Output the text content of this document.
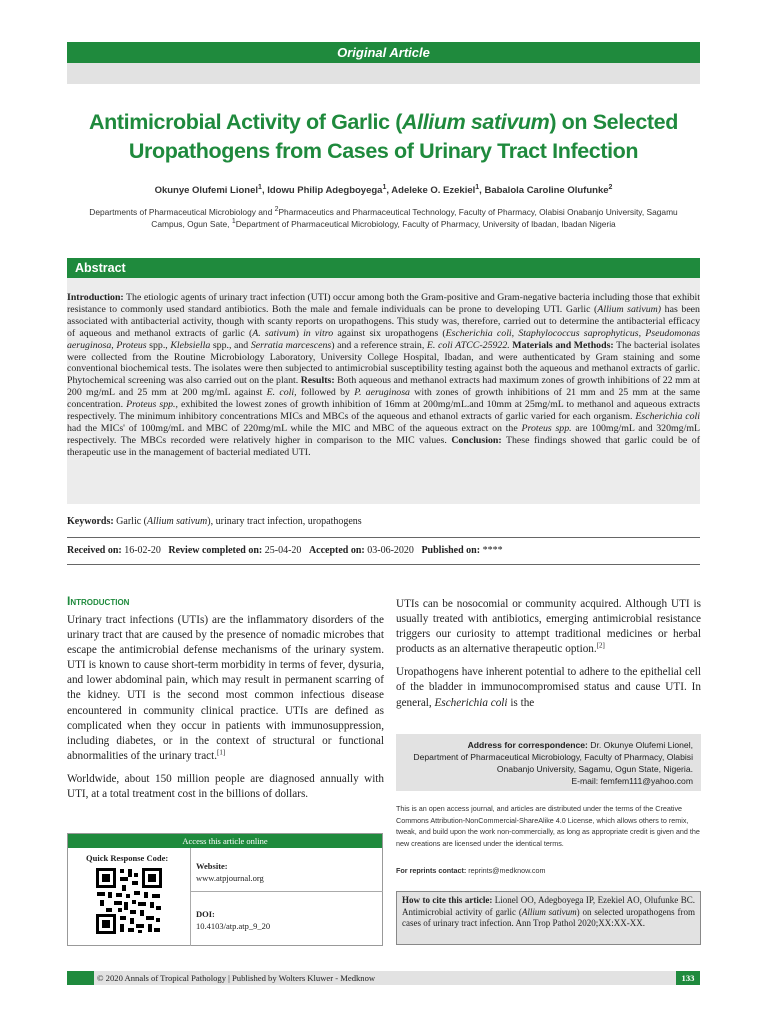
Original Article
Antimicrobial Activity of Garlic (Allium sativum) on Selected Uropathogens from Cases of Urinary Tract Infection
Okunye Olufemi Lionel$^1$, Idowu Philip Adegboyega$^1$, Adeleke O. Ezekiel$^1$, Babalola Caroline Olufunke$^2$
Departments of Pharmaceutical Microbiology and $^2$Pharmaceutics and Pharmaceutical Technology, Faculty of Pharmacy, Olabisi Onabanjo University, Sagamu Campus, Ogun Sate, $^1$Department of Pharmaceutical Microbiology, Faculty of Pharmacy, University of Ibadan, Ibadan Nigeria
Abstract
Introduction: The etiologic agents of urinary tract infection (UTI) occur among both the Gram-positive and Gram-negative bacteria including those that exhibit resistance to commonly used standard antibiotics. Both the male and female individuals can be prone to developing UTI. Garlic (Allium sativum) has been associated with antibacterial activity, though with scanty reports on uropathogens. This study was, therefore, carried out to determine the antibacterial efficacy of aqueous and methanol extracts of garlic (A. sativum) in vitro against six uropathogens (Escherichia coli, Staphylococcus saprophyticus, Pseudomonas aeruginosa, Proteus spp., Klebsiella spp., and Serratia marcescens) and a reference strain, E. coli ATCC-25922. Materials and Methods: The bacterial isolates were collected from the Routine Microbiology Laboratory, University College Hospital, Ibadan, and were authenticated by Gram staining and some conventional biochemical tests. The isolates were then subjected to antimicrobial susceptibility testing against both the aqueous and methanol extracts of garlic. Phytochemical screening was also carried out on the plant. Results: Both aqueous and methanol extracts had maximum zones of growth inhibitions of 22 mm at 200 mg/mL and 25 mm at 200 mg/mL against E. coli, followed by P. aeruginosa with zones of growth inhibitions of 21 mm and 25 mm at the same concentration. Proteus spp., exhibited the lowest zones of growth inhibition of 16mm at 200mg/mL.and 10mm at 25mg/mL to methanol and aqueous extracts respectively. The minimum inhibitory concentrations MICs and MBCs of the aqueous and ethanol extracts of garlic varied for each organism. Escherichia coli had the MICs' of 100mg/mL and MBC of 220mg/mL while the MIC and MBC of the aqueous extract on the Proteus spp. are 100mg/mL and 320mg/mL respectively. The MBCs recorded were relatively higher in comparison to the MIC values. Conclusion: These findings showed that garlic could be of therapeutic use in the management of bacterial mediated UTI.
Keywords: Garlic (Allium sativum), urinary tract infection, uropathogens
Received on: 16-02-20 Review completed on: 25-04-20 Accepted on: 03-06-2020 Published on: ****
Introduction

Urinary tract infections (UTIs) are the inflammatory disorders of the urinary tract that are caused by the presence of nomadic microbes that escape the antimicrobial defense mechanisms of the urinary system. UTI is known to cause short-term morbidity in terms of fever, dysuria, and lower abdominal pain, which may result in permanent scarring of the kidney. UTI is the second most common infectious disease encountered in community clinical practice. UTIs are defined as complicated when they occur in patients with immunosuppression, including diabetes, or in the context of structural or functional abnormalities of the urinary tract.[1]

Worldwide, about 150 million people are diagnosed annually with UTI, at a total treatment cost in the billions of dollars.

UTIs can be nosocomial or community acquired. Although UTI is usually treated with antibiotics, emerging antimicrobial resistance triggers our curiosity to attempt traditional medicines or herbal products as an alternative therapeutic option.[2]

Uropathogens have inherent potential to adhere to the epithelial cell of the bladder in immunocompromised status and cause UTI. In general, Escherichia coli is the

Access this article online
Quick Response Code:
Website:
www.atpjournal.org
DOI:
10.4103/atp.atp_9_20
Address for correspondence: Dr. Okunye Olufemi Lionel,
Department of Pharmaceutical Microbiology, Faculty of Pharmacy, Olabisi
Onabanjo University, Sagamu, Ogun State, Nigeria.
E-mail: femfem111@yahoo.com
This is an open access journal, and articles are distributed under the terms of the Creative Commons Attribution-NonCommercial-ShareAlike 4.0 License, which allows others to remix, tweak, and build upon the work non-commercially, as long as appropriate credit is given and the new creations are licensed under the identical terms.
For reprints contact: reprints@medknow.com
How to cite this article: Lionel OO, Adegboyega IP, Ezekiel AO, Olufunke BC. Antimicrobial activity of garlic (Allium sativum) on selected uropathogens from cases of urinary tract infection. Ann Trop Pathol 2020;XX:XX-XX.
© 2020 Annals of Tropical Pathology | Published by Wolters Kluwer - Medknow	133
